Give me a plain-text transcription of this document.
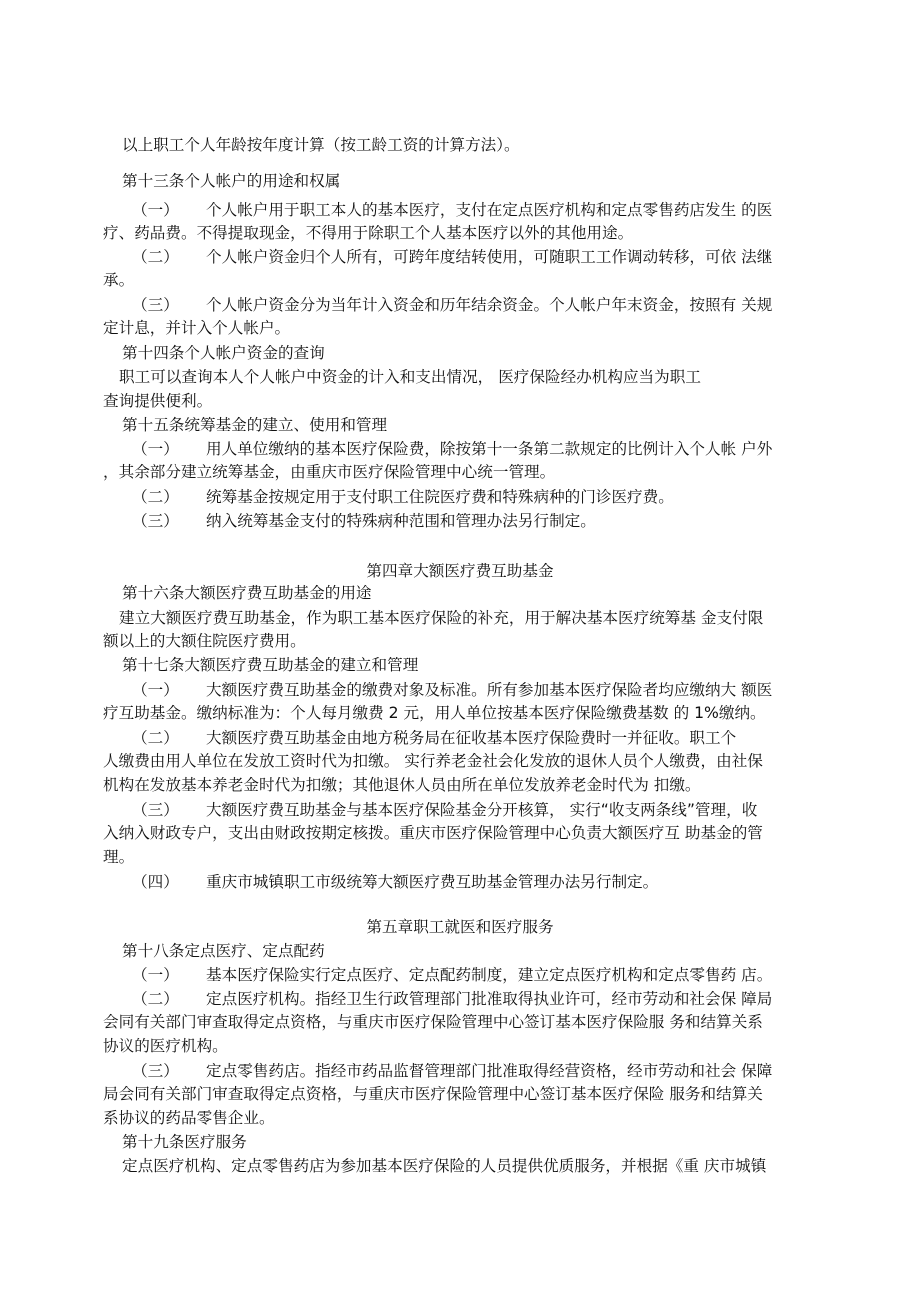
以上职工个人年龄按年度计算（按工龄工资的计算方法）。

第十三条个人帐户的用途和权属

（一） 个人帐户用于职工本人的基本医疗，支付在定点医疗机构和定点零售药店发生 的医

疗、药品费。不得提取现金，不得用于除职工个人基本医疗以外的其他用途。

（二） 个人帐户资金归个人所有，可跨年度结转使用，可随职工工作调动转移，可依 法继

承。

（三） 个人帐户资金分为当年计入资金和历年结余资金。个人帐户年末资金，按照有 关规

定计息，并计入个人帐户。

第十四条个人帐户资金的查询

职工可以查询本人个人帐户中资金的计入和支出情况， 医疗保险经办机构应当为职工

查询提供便利。

第十五条统筹基金的建立、使用和管理

（一） 用人单位缴纳的基本医疗保险费，除按第十一条第二款规定的比例计入个人帐 户外

，其余部分建立统筹基金，由重庆市医疗保险管理中心统一管理。

（二） 统筹基金按规定用于支付职工住院医疗费和特殊病种的门诊医疗费。

（三） 纳入统筹基金支付的特殊病种范围和管理办法另行制定。

第四章大额医疗费互助基金

第十六条大额医疗费互助基金的用途

建立大额医疗费互助基金，作为职工基本医疗保险的补充，用于解决基本医疗统筹基 金支付限

额以上的大额住院医疗费用。

第十七条大额医疗费互助基金的建立和管理

（一） 大额医疗费互助基金的缴费对象及标准。所有参加基本医疗保险者均应缴纳大 额医

疗互助基金。缴纳标准为：个人每月缴费 2 元，用人单位按基本医疗保险缴费基数 的 1%缴纳。

（二） 大额医疗费互助基金由地方税务局在征收基本医疗保险费时一并征收。职工个

人缴费由用人单位在发放工资时代为扣缴。 实行养老金社会化发放的退休人员个人缴费，由社保

机构在发放基本养老金时代为扣缴；其他退休人员由所在单位发放养老金时代为 扣缴。

（三） 大额医疗费互助基金与基本医疗保险基金分开核算， 实行“收支两条线”管理，收

入纳入财政专户，支出由财政按期定核拨。重庆市医疗保险管理中心负责大额医疗互 助基金的管

理。

（四） 重庆市城镇职工市级统筹大额医疗费互助基金管理办法另行制定。

第五章职工就医和医疗服务

第十八条定点医疗、定点配药

（一） 基本医疗保险实行定点医疗、定点配药制度，建立定点医疗机构和定点零售药 店。

（二） 定点医疗机构。指经卫生行政管理部门批准取得执业许可，经市劳动和社会保 障局

会同有关部门审查取得定点资格，与重庆市医疗保险管理中心签订基本医疗保险服 务和结算关系

协议的医疗机构。

（三） 定点零售药店。指经市药品监督管理部门批准取得经营资格，经市劳动和社会 保障

局会同有关部门审查取得定点资格，与重庆市医疗保险管理中心签订基本医疗保险 服务和结算关

系协议的药品零售企业。

第十九条医疗服务

定点医疗机构、定点零售药店为参加基本医疗保险的人员提供优质服务，并根据《重 庆市城镇
